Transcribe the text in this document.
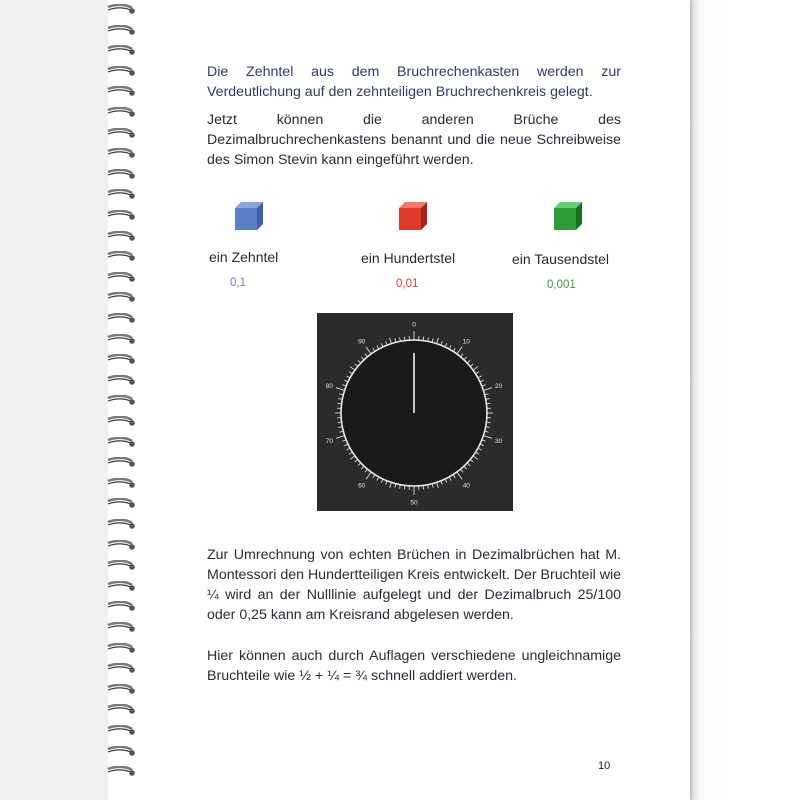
Die Zehntel aus dem Bruchrechenkasten werden zur Verdeutlichung auf den zehnteiligen Bruchrechenkreis gelegt.

Jetzt können die anderen Brüche des Dezimalbruchrechenkastens benannt und die neue Schreibweise des Simon Stevin kann eingeführt werden.

ein Zehntel	ein Hundertstel	ein Tausendstel
0,1	0,01	0,001
0
10
20
30
40
50
60
70
80
90

Zur Umrechnung von echten Brüchen in Dezimalbrüchen hat M. Montessori den Hundertteiligen Kreis entwickelt. Der Bruchteil wie ¼ wird an der Nulllinie aufgelegt und der Dezimalbruch 25/100 oder 0,25 kann am Kreisrand abgelesen werden.

Hier können auch durch Auflagen verschiedene ungleichnamige Bruchteile wie ½ + ¼ = ¾ schnell addiert werden.

10
